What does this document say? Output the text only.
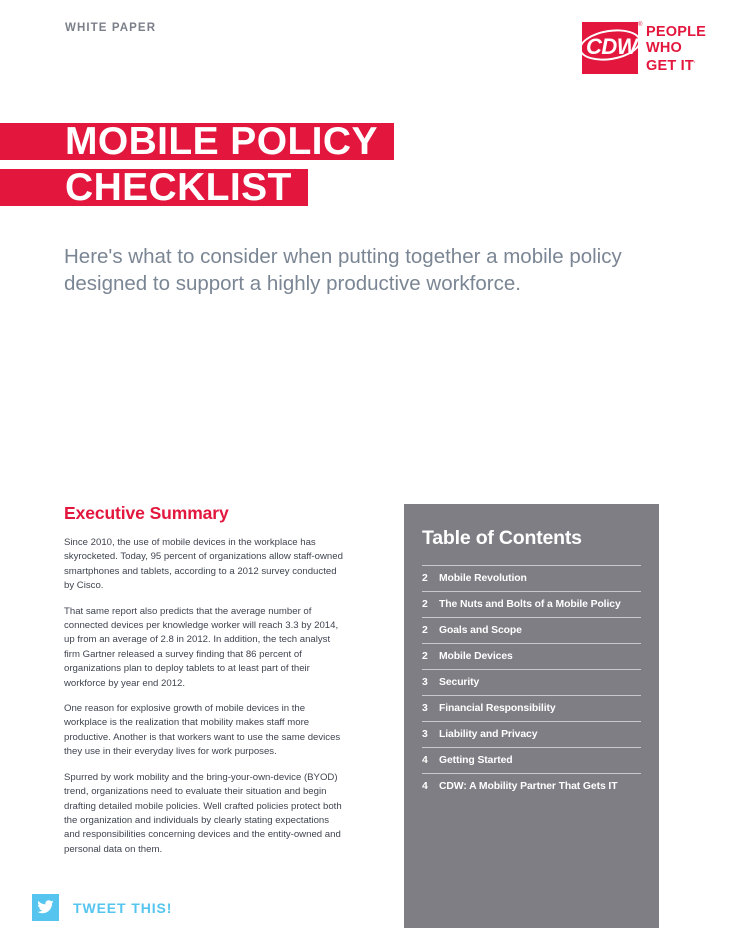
WHITE PAPER
CDW
® PEOPLE
WHO
GET IT·
MOBILE POLICY
CHECKLIST
Here's what to consider when putting together a mobile policy designed to support a highly productive workforce.
Executive Summary

Since 2010, the use of mobile devices in the workplace has skyrocketed. Today, 95 percent of organizations allow staff-owned smartphones and tablets, according to a 2012 survey conducted by Cisco.

That same report also predicts that the average number of connected devices per knowledge worker will reach 3.3 by 2014, up from an average of 2.8 in 2012. In addition, the tech analyst firm Gartner released a survey finding that 86 percent of organizations plan to deploy tablets to at least part of their workforce by year end 2012.

One reason for explosive growth of mobile devices in the workplace is the realization that mobility makes staff more productive. Another is that workers want to use the same devices they use in their everyday lives for work purposes.

Spurred by work mobility and the bring-your-own-device (BYOD) trend, organizations need to evaluate their situation and begin drafting detailed mobile policies. Well crafted policies protect both the organization and individuals by clearly stating expectations and responsibilities concerning devices and the entity-owned and personal data on them.

Table of Contents
2	Mobile Revolution
2	The Nuts and Bolts of a Mobile Policy
2	Goals and Scope
2	Mobile Devices
3	Security
3	Financial Responsibility
3	Liability and Privacy
4	Getting Started
4	CDW: A Mobility Partner That Gets IT
TWEET THIS!
